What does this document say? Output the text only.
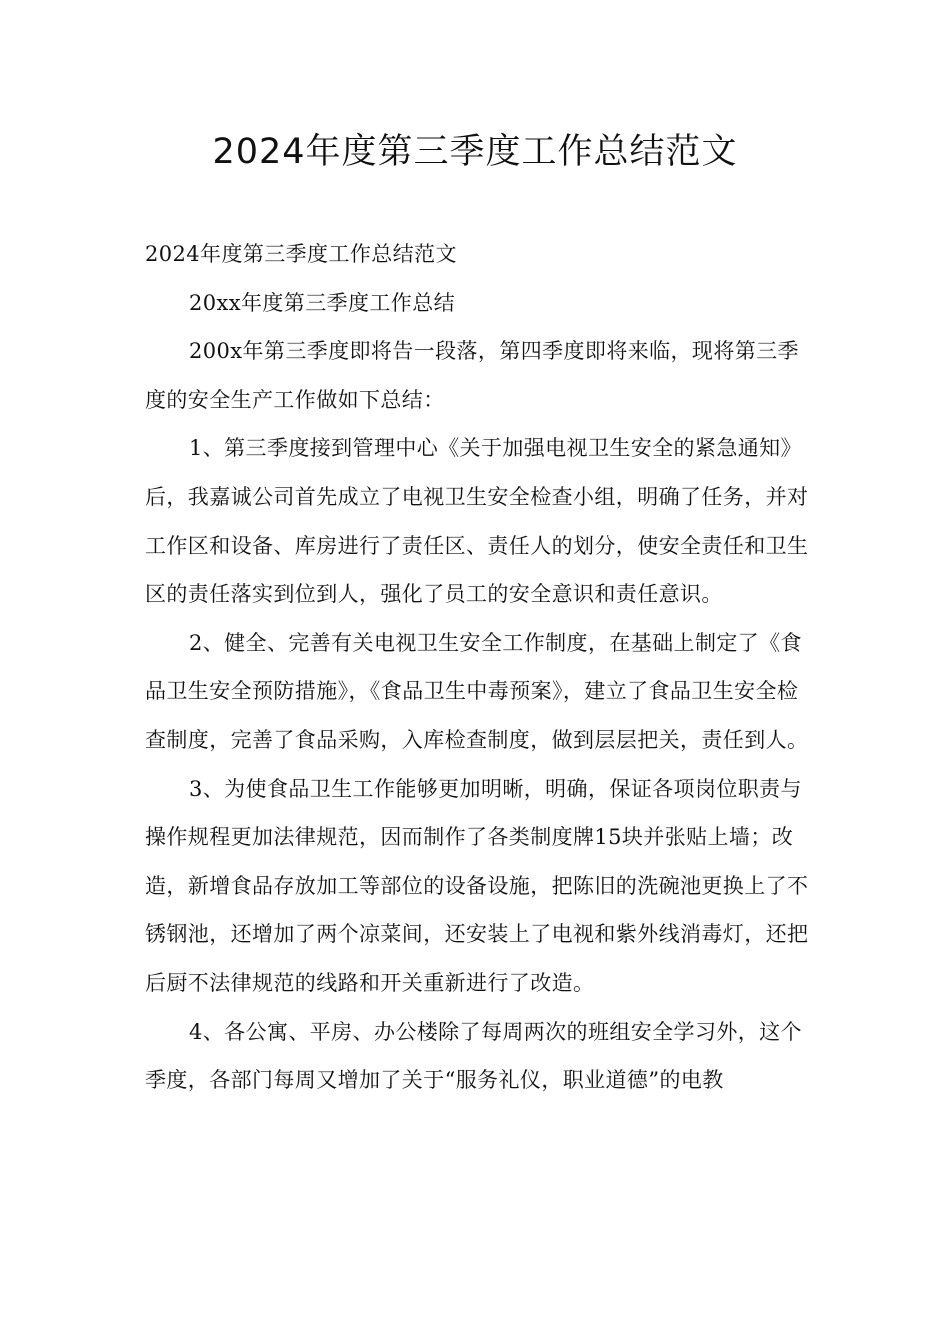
2024年度第三季度工作总结范文

2024年度第三季度工作总结范文

20xx年度第三季度工作总结

200x年第三季度即将告一段落，第四季度即将来临，现将第三季度的安全生产工作做如下总结：

1、第三季度接到管理中心《关于加强电视卫生安全的紧急通知》后，我嘉诚公司首先成立了电视卫生安全检查小组，明确了任务，并对工作区和设备、库房进行了责任区、责任人的划分，使安全责任和卫生区的责任落实到位到人，强化了员工的安全意识和责任意识。

2、健全、完善有关电视卫生安全工作制度，在基础上制定了《食品卫生安全预防措施》，《食品卫生中毒预案》，建立了食品卫生安全检查制度，完善了食品采购，入库检查制度，做到层层把关，责任到人。

3、为使食品卫生工作能够更加明晰，明确，保证各项岗位职责与操作规程更加法律规范，因而制作了各类制度牌15块并张贴上墙；改造，新增食品存放加工等部位的设备设施，把陈旧的洗碗池更换上了不锈钢池，还增加了两个凉菜间，还安装上了电视和紫外线消毒灯，还把后厨不法律规范的线路和开关重新进行了改造。

4、各公寓、平房、办公楼除了每周两次的班组安全学习外，这个季度，各部门每周又增加了关于“服务礼仪，职业道德”的电教
